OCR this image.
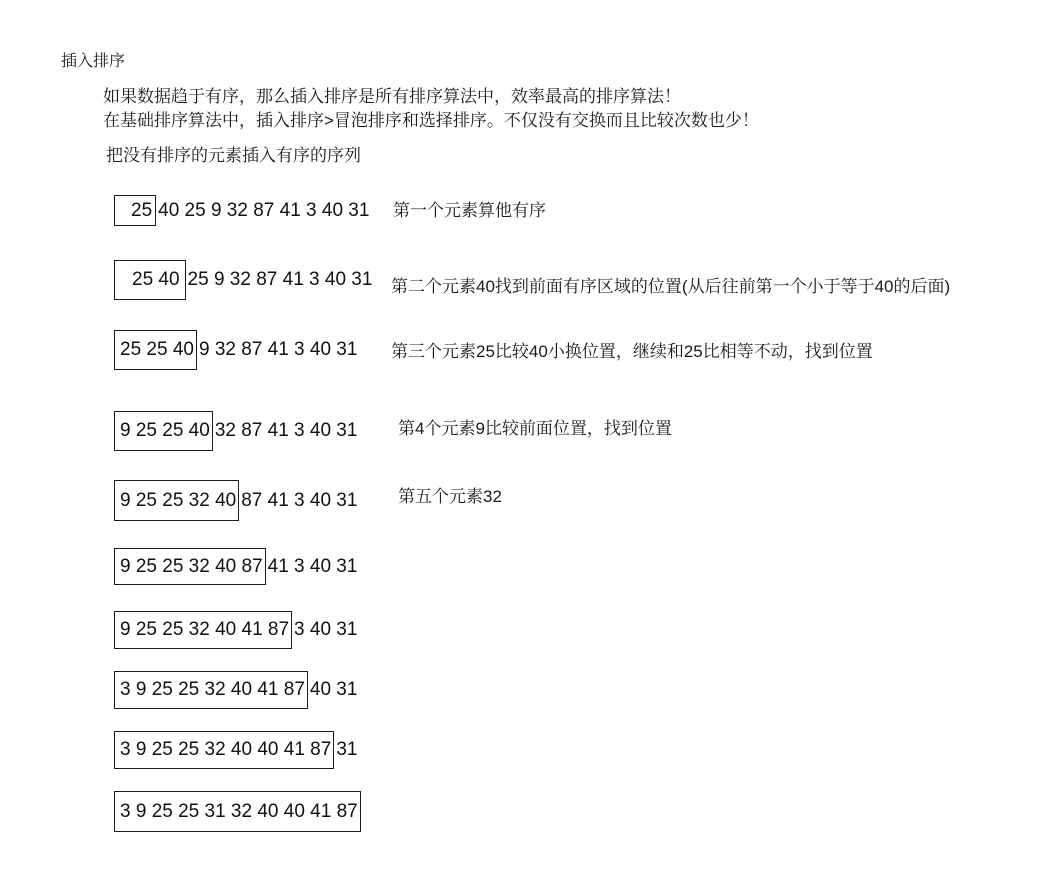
插入排序
如果数据趋于有序，那么插入排序是所有排序算法中，效率最高的排序算法！
在基础排序算法中，插入排序>冒泡排序和选择排序。不仅没有交换而且比较次数也少！
把没有排序的元素插入有序的序列
25 40 25 9 32 87 41 3 40 31 第一个元素算他有序
25 40 25 9 32 87 41 3 40 31 第二个元素40找到前面有序区域的位置(从后往前第一个小于等于40的后面)
25 25 40 9 32 87 41 3 40 31 第三个元素25比较40小换位置，继续和25比相等不动，找到位置
9 25 25 40 32 87 41 3 40 31 第4个元素9比较前面位置，找到位置
9 25 25 32 40 87 41 3 40 31 第五个元素32
9 25 25 32 40 87 41 3 40 31
9 25 25 32 40 41 87 3 40 31
3 9 25 25 32 40 41 87 40 31
3 9 25 25 32 40 40 41 87 31
3 9 25 25 31 32 40 40 41 87
